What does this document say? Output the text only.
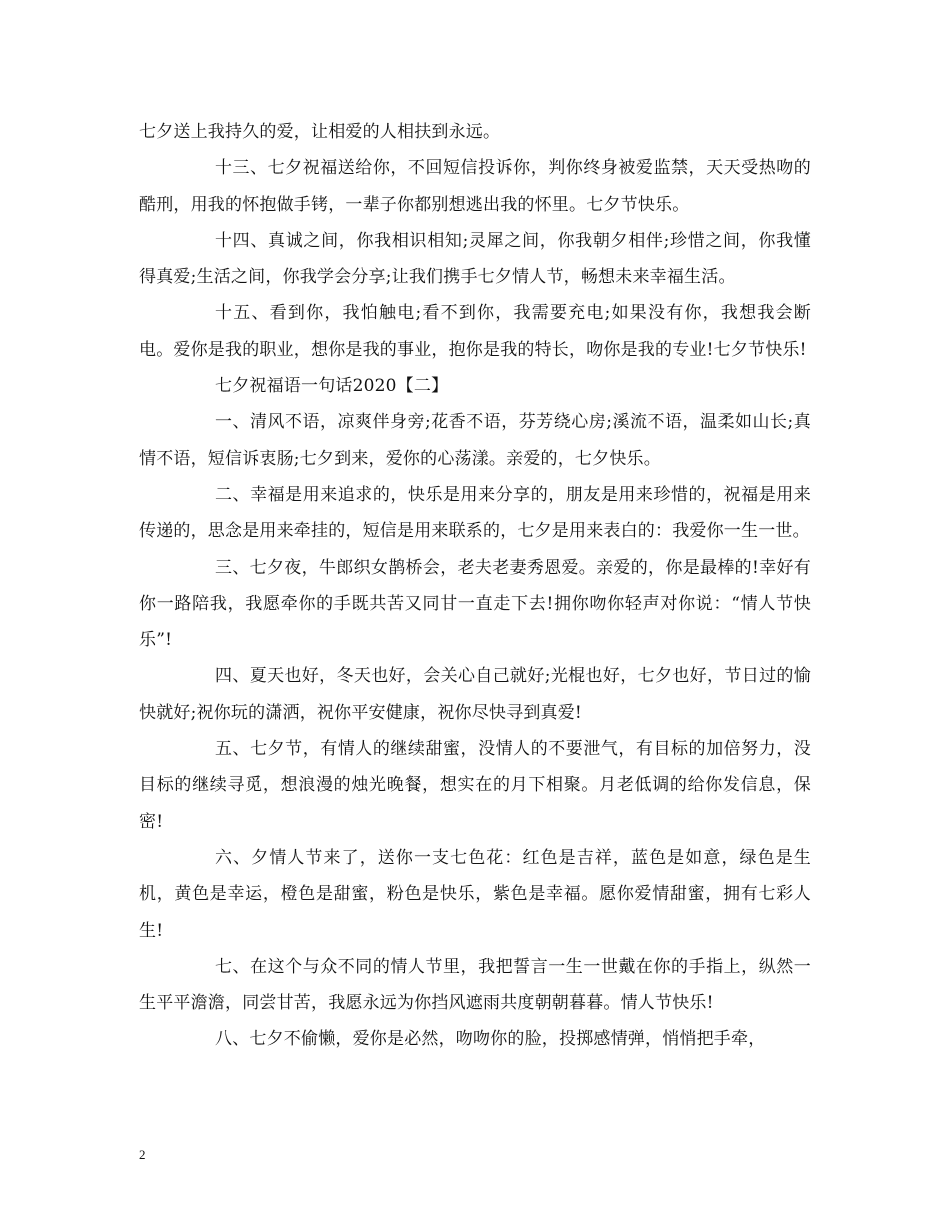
七夕送上我持久的爱，让相爱的人相扶到永远。

十三、七夕祝福送给你，不回短信投诉你，判你终身被爱监禁，天天受热吻的酷刑，用我的怀抱做手铐，一辈子你都别想逃出我的怀里。七夕节快乐。

十四、真诚之间，你我相识相知;灵犀之间，你我朝夕相伴;珍惜之间，你我懂得真爱;生活之间，你我学会分享;让我们携手七夕情人节，畅想未来幸福生活。

十五、看到你，我怕触电;看不到你，我需要充电;如果没有你，我想我会断电。爱你是我的职业，想你是我的事业，抱你是我的特长，吻你是我的专业!七夕节快乐!

七夕祝福语一句话2020【二】

一、清风不语，凉爽伴身旁;花香不语，芬芳绕心房;溪流不语，温柔如山长;真情不语，短信诉衷肠;七夕到来，爱你的心荡漾。亲爱的，七夕快乐。

二、幸福是用来追求的，快乐是用来分享的，朋友是用来珍惜的，祝福是用来传递的，思念是用来牵挂的，短信是用来联系的，七夕是用来表白的：我爱你一生一世。

三、七夕夜，牛郎织女鹊桥会，老夫老妻秀恩爱。亲爱的，你是最棒的!幸好有你一路陪我，我愿牵你的手既共苦又同甘一直走下去!拥你吻你轻声对你说：“情人节快乐”!

四、夏天也好，冬天也好，会关心自己就好;光棍也好，七夕也好，节日过的愉快就好;祝你玩的潇洒，祝你平安健康，祝你尽快寻到真爱!

五、七夕节，有情人的继续甜蜜，没情人的不要泄气，有目标的加倍努力，没目标的继续寻觅，想浪漫的烛光晚餐，想实在的月下相聚。月老低调的给你发信息，保密!

六、夕情人节来了，送你一支七色花：红色是吉祥，蓝色是如意，绿色是生机，黄色是幸运，橙色是甜蜜，粉色是快乐，紫色是幸福。愿你爱情甜蜜，拥有七彩人生!

七、在这个与众不同的情人节里，我把誓言一生一世戴在你的手指上，纵然一生平平澹澹，同尝甘苦，我愿永远为你挡风遮雨共度朝朝暮暮。情人节快乐!

八、七夕不偷懒，爱你是必然，吻吻你的脸，投掷感情弹，悄悄把手牵，

2
